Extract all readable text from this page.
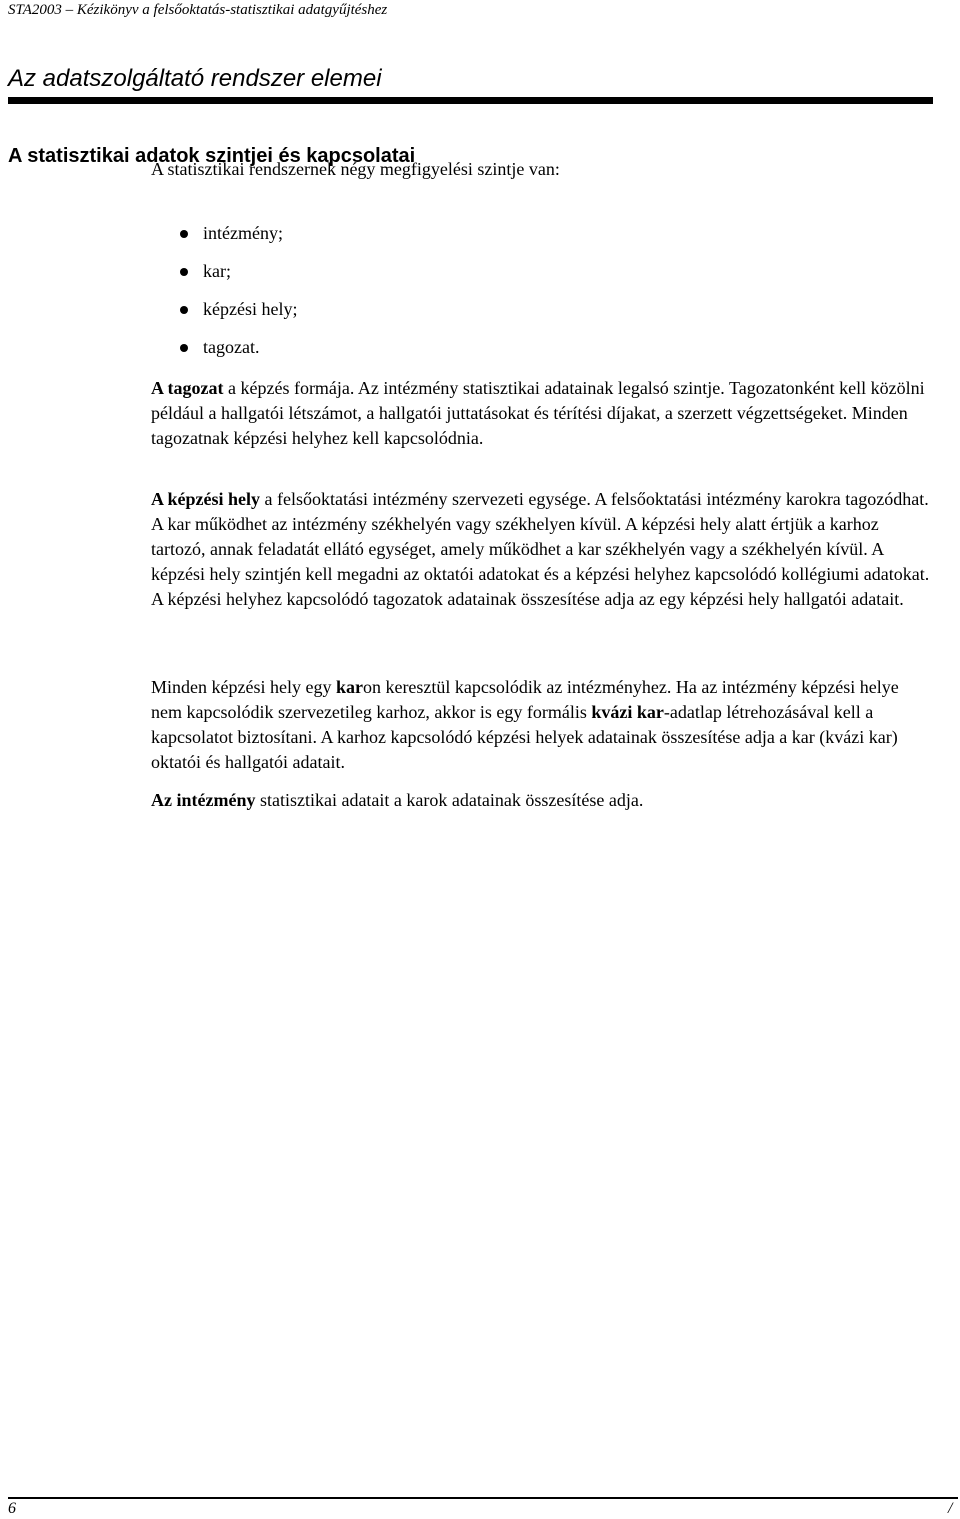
STA2003 – Kézikönyv a felsőoktatás-statisztikai adatgyűjtéshez
Az adatszolgáltató rendszer elemei
A statisztikai adatok szintjei és kapcsolatai

A statisztikai rendszernek négy megfigyelési szintje van:

intézmény;
kar;
képzési hely;
tagozat.

A tagozat a képzés formája. Az intézmény statisztikai adatainak legalsó szintje. Tagozatonként kell közölni például a hallgatói létszámot, a hallgatói juttatásokat és térítési díjakat, a szerzett végzettségeket. Minden tagozatnak képzési helyhez kell kapcsolódnia.

A képzési hely a felsőoktatási intézmény szervezeti egysége. A felsőoktatási intézmény karokra tagozódhat. A kar működhet az intézmény székhelyén vagy székhelyen kívül. A képzési hely alatt értjük a karhoz tartozó, annak feladatát ellátó egységet, amely működhet a kar székhelyén vagy a székhelyén kívül. A képzési hely szintjén kell megadni az oktatói adatokat és a képzési helyhez kapcsolódó kollégiumi adatokat. A képzési helyhez kapcsolódó tagozatok adatainak összesítése adja az egy képzési hely hallgatói adatait.

Minden képzési hely egy karon keresztül kapcsolódik az intézményhez. Ha az intézmény képzési helye nem kapcsolódik szervezetileg karhoz, akkor is egy formális kvázi kar-adatlap létrehozásával kell a kapcsolatot biztosítani. A karhoz kapcsolódó képzési helyek adatainak összesítése adja a kar (kvázi kar) oktatói és hallgatói adatait.

Az intézmény statisztikai adatait a karok adatainak összesítése adja.

6	/
